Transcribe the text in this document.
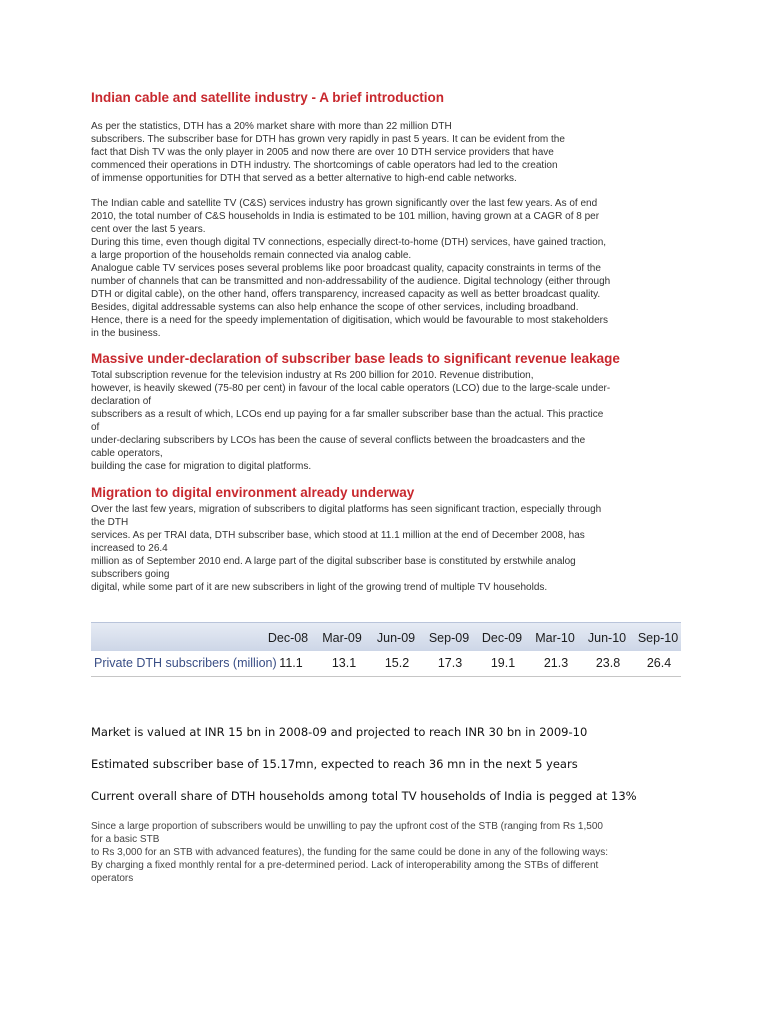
Indian cable and satellite industry - A brief introduction
As per the statistics, DTH has a 20% market share with more than 22 million DTH
subscribers. The subscriber base for DTH has grown very rapidly in past 5 years. It can be evident from the
fact that Dish TV was the only player in 2005 and now there are over 10 DTH service providers that have
commenced their operations in DTH industry. The shortcomings of cable operators had led to the creation
of immense opportunities for DTH that served as a better alternative to high-end cable networks.
The Indian cable and satellite TV (C&S) services industry has grown significantly over the last few years. As of end
2010, the total number of C&S households in India is estimated to be 101 million, having grown at a CAGR of 8 per
cent over the last 5 years.
During this time, even though digital TV connections, especially direct-to-home (DTH) services, have gained traction,
a large proportion of the households remain connected via analog cable.
Analogue cable TV services poses several problems like poor broadcast quality, capacity constraints in terms of the
number of channels that can be transmitted and non-addressability of the audience. Digital technology (either through
DTH or digital cable), on the other hand, offers transparency, increased capacity as well as better broadcast quality.
Besides, digital addressable systems can also help enhance the scope of other services, including broadband.
Hence, there is a need for the speedy implementation of digitisation, which would be favourable to most stakeholders
in the business.
Massive under-declaration of subscriber base leads to significant revenue leakage
Total subscription revenue for the television industry at Rs 200 billion for 2010. Revenue distribution,
however, is heavily skewed (75-80 per cent) in favour of the local cable operators (LCO) due to the large-scale under-
declaration of
subscribers as a result of which, LCOs end up paying for a far smaller subscriber base than the actual. This practice
of
under-declaring subscribers by LCOs has been the cause of several conflicts between the broadcasters and the
cable operators,
building the case for migration to digital platforms.
Migration to digital environment already underway
Over the last few years, migration of subscribers to digital platforms has seen significant traction, especially through
the DTH
services. As per TRAI data, DTH subscriber base, which stood at 11.1 million at the end of December 2008, has
increased to 26.4
million as of September 2010 end. A large part of the digital subscriber base is constituted by erstwhile analog
subscribers going
digital, while some part of it are new subscribers in light of the growing trend of multiple TV households.
Dec-08	Mar-09	Jun-09	Sep-09	Dec-09	Mar-10	Jun-10 Sep-10
Private DTH subscribers (million) 11.1	13.1	15.2	17.3	19.1	21.3	23.8	26.4

Market is valued at INR 15 bn in 2008-09 and projected to reach INR 30 bn in 2009-10

Estimated subscriber base of 15.17mn, expected to reach 36 mn in the next 5 years

Current overall share of DTH households among total TV households of India is pegged at 13%

Since a large proportion of subscribers would be unwilling to pay the upfront cost of the STB (ranging from Rs 1,500
for a basic STB
to Rs 3,000 for an STB with advanced features), the funding for the same could be done in any of the following ways:
By charging a fixed monthly rental for a pre-determined period. Lack of interoperability among the STBs of different
operators
